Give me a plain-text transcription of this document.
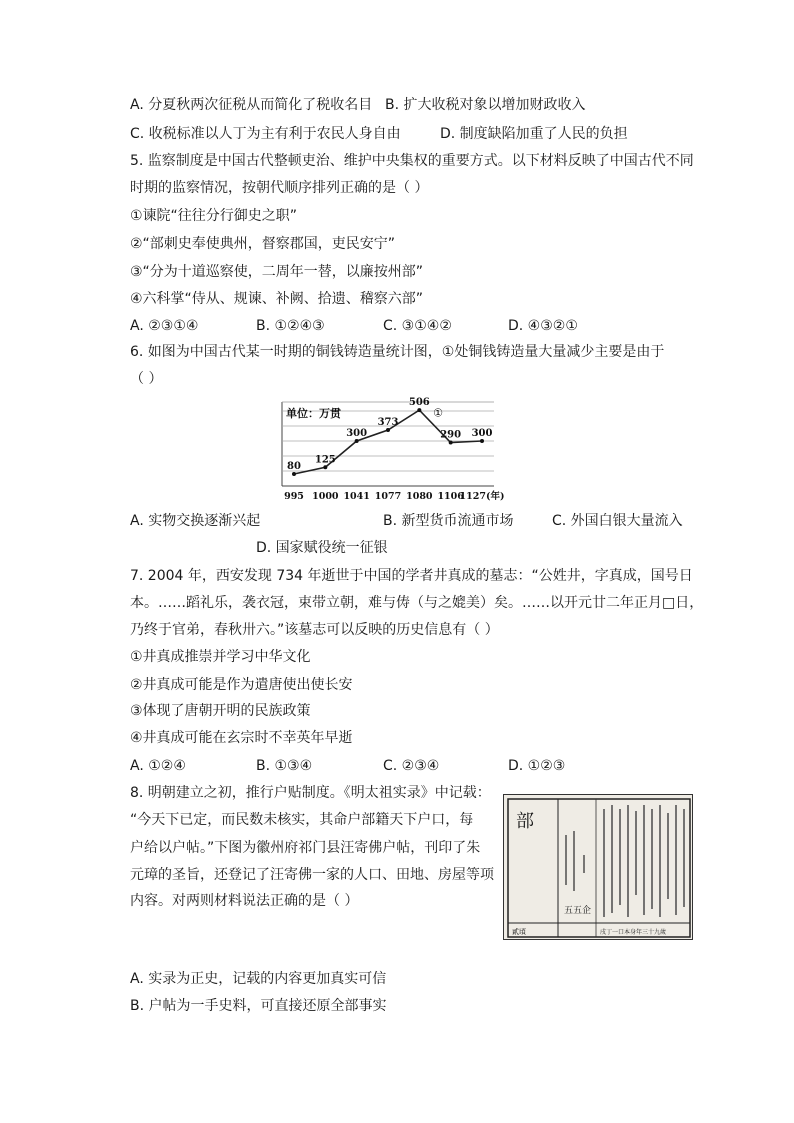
A. 分夏秋两次征税从而简化了税收名目 B. 扩大收税对象以增加财政收入
C. 收税标准以人丁为主有利于农民人身自由	D. 制度缺陷加重了人民的负担
5. 监察制度是中国古代整顿吏治、维护中央集权的重要方式。以下材料反映了中国古代不同
时期的监察情况，按朝代顺序排列正确的是（ ）
①谏院“往往分行御史之职”
②“部刺史奉使典州，督察郡国，吏民安宁”
③“分为十道巡察使，二周年一替，以廉按州部”
④六科掌“侍从、规谏、补阙、拾遗、稽察六部”
A. ②③①④	B. ①②④③	C. ③①④②	D. ④③②①
6. 如图为中国古代某一时期的铜钱铸造量统计图，①处铜钱铸造量大量减少主要是由于
（ ）
单位：万贯
80
995
125
1000
300
1041
373
1077
506
1080
290
1106
300
1127(年)
①
A. 实物交换逐渐兴起	B. 新型货币流通市场	C. 外国白银大量流入
D. 国家赋役统一征银
7. 2004 年，西安发现 734 年逝世于中国的学者井真成的墓志：“公姓井，字真成，国号日
本。……蹈礼乐，袭衣冠，束带立朝，难与俦（与之媲美）矣。……以开元廿二年正月□日，
乃终于官弟，春秋卅六。”该墓志可以反映的历史信息有（ ）
①井真成推崇并学习中华文化
②井真成可能是作为遣唐使出使长安
③体现了唐朝开明的民族政策
④井真成可能在玄宗时不幸英年早逝
A. ①②④	B. ①③④	C. ②③④	D. ①②③
8. 明朝建立之初，推行户贴制度。《明太祖实录》中记载：
“今天下已定，而民数未核实，其命户部籍天下户口，每
户给以户帖。”下图为徽州府祁门县汪寄佛户帖，刊印了朱
元璋的圣旨，还登记了汪寄佛一家的人口、田地、房屋等项
内容。对两则材料说法正确的是（ ）
部
五五企
貳頃	戌丁一口本身年三十九歲
A. 实录为正史，记载的内容更加真实可信
B. 户帖为一手史料，可直接还原全部事实
